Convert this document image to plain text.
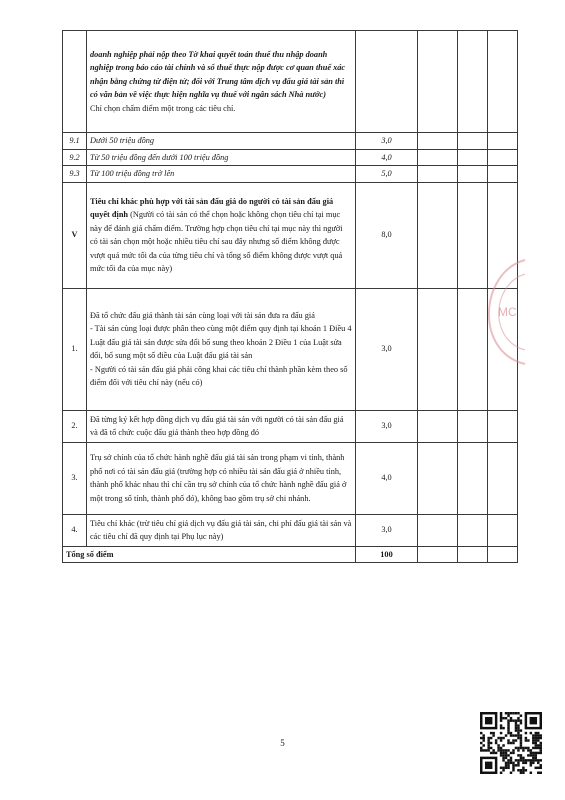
	doanh nghiệp phải nộp theo Tờ khai quyết toán thuế thu nhập doanh nghiệp trong báo cáo tài chính và số thuế thực nộp được cơ quan thuế xác nhận bằng chứng từ điện tử; đối với Trung tâm dịch vụ đấu giá tài sản thì có văn bản về việc thực hiện nghĩa vụ thuế với ngân sách Nhà nước)
Chỉ chọn chấm điểm một trong các tiêu chí.				

9.1	Dưới 50 triệu đồng	3,0			
9.2	Từ 50 triệu đồng đến dưới 100 triệu đồng	4,0			
9.3	Từ 100 triệu đồng trở lên	5,0			
V	Tiêu chí khác phù hợp với tài sản đấu giá do người có tài sản đấu giá quyết định (Người có tài sản có thể chọn hoặc không chọn tiêu chí tại mục này để đánh giá chấm điểm. Trường hợp chọn tiêu chí tại mục này thì người có tài sản chọn một hoặc nhiều tiêu chí sau đây nhưng số điểm không được vượt quá mức tối đa của từng tiêu chí và tổng số điểm không được vượt quá mức tối đa của mục này)	8,0			
1.	Đã tổ chức đấu giá thành tài sản cùng loại với tài sản đưa ra đấu giá
- Tài sản cùng loại được phân theo cùng một điểm quy định tại khoản 1 Điều 4 Luật đấu giá tài sản được sửa đổi bổ sung theo khoản 2 Điều 1 của Luật sửa đổi, bổ sung một số điều của Luật đấu giá tài sản
- Người có tài sản đấu giá phải công khai các tiêu chí thành phần kèm theo số điểm đối với tiêu chí này (nếu có)	3,0			
2.	Đã từng ký kết hợp đồng dịch vụ đấu giá tài sản với người có tài sản đấu giá và đã tổ chức cuộc đấu giá thành theo hợp đồng đó	3,0			
3.	Trụ sở chính của tổ chức hành nghề đấu giá tài sản trong phạm vi tỉnh, thành phố nơi có tài sản đấu giá (trường hợp có nhiều tài sản đấu giá ở nhiều tỉnh, thành phố khác nhau thì chỉ cần trụ sở chính của tổ chức hành nghề đấu giá ở một trong số tỉnh, thành phố đó), không bao gồm trụ sở chi nhánh.	4,0			
4.	Tiêu chí khác (trừ tiêu chí giá dịch vụ đấu giá tài sản, chi phí đấu giá tài sản và các tiêu chí đã quy định tại Phụ lục này)	3,0			
Tổng số điểm		100			
MC
5
